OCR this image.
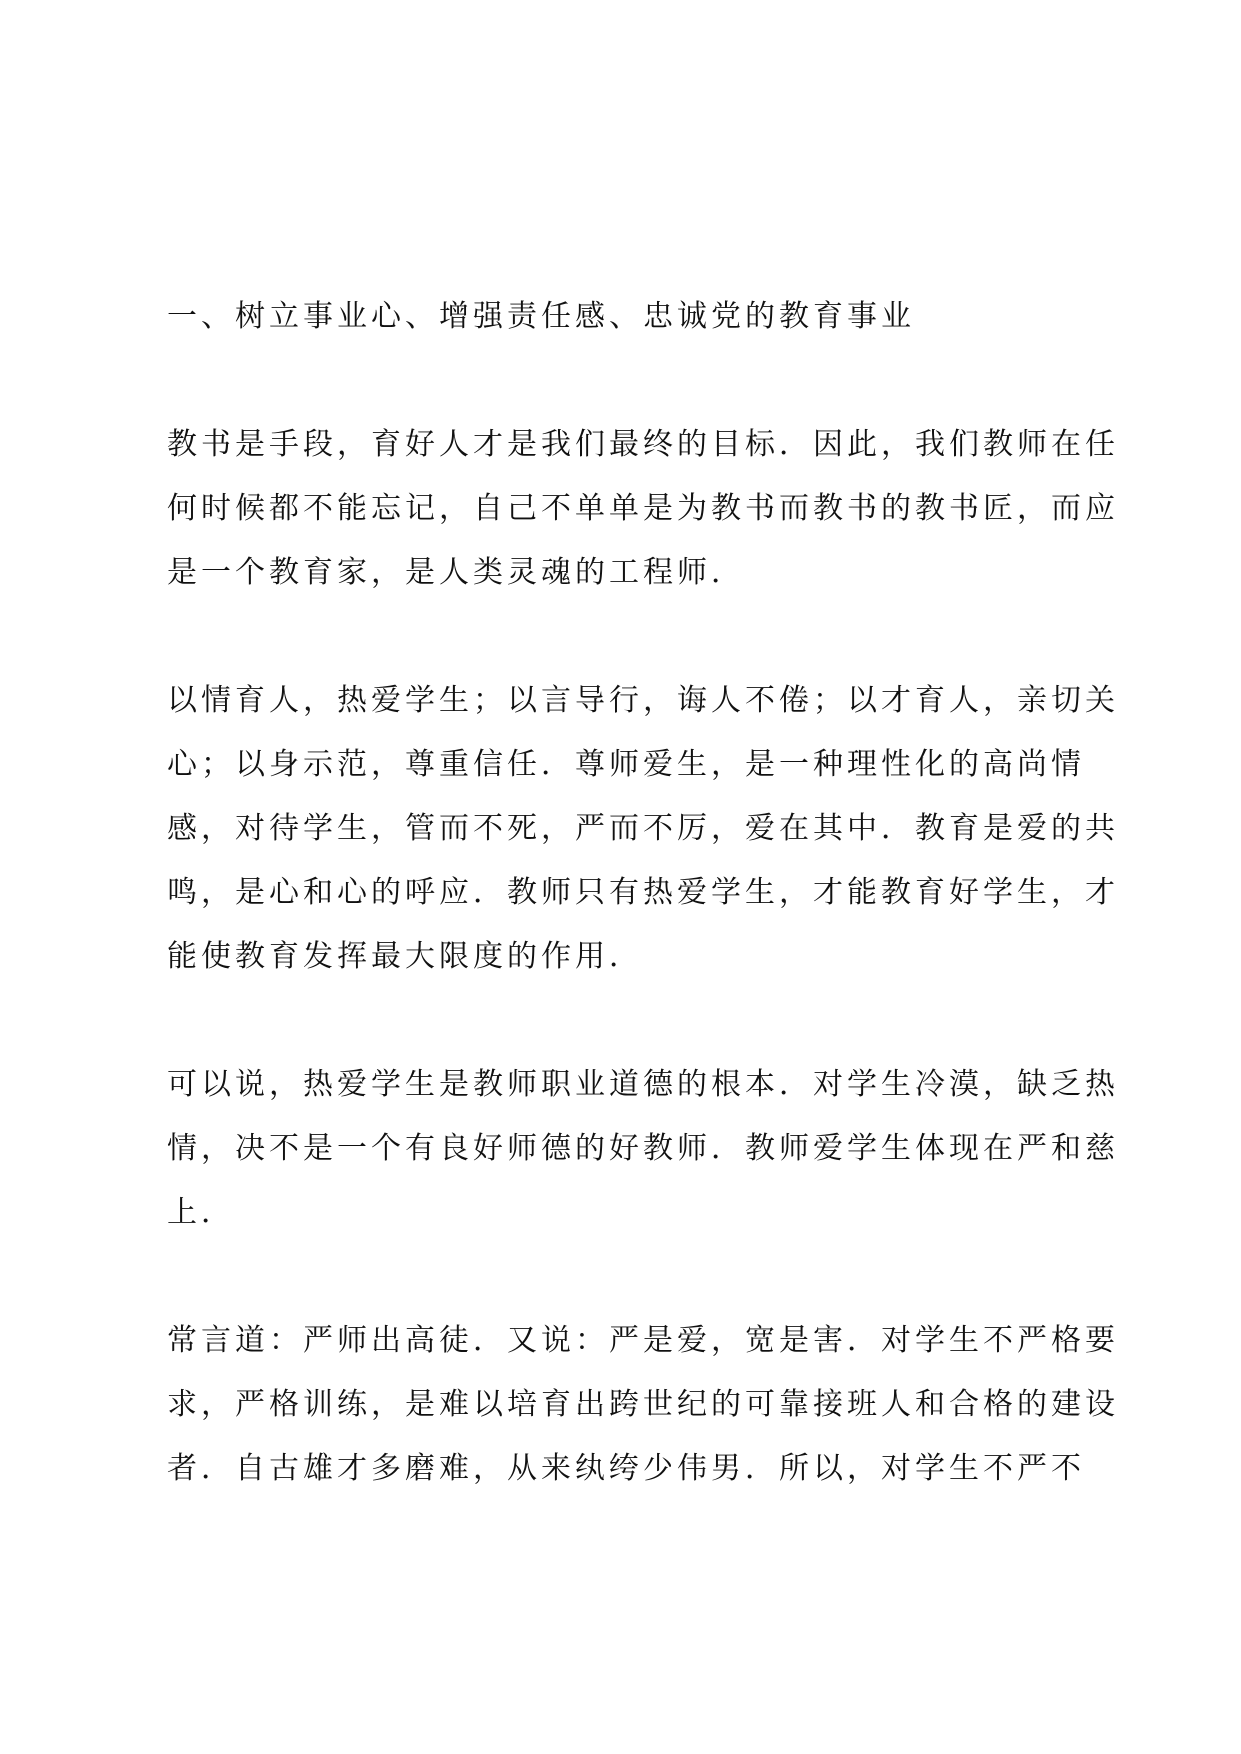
一、树立事业心、增强责任感、忠诚党的教育事业
教书是手段，育好人才是我们最终的目标．因此，我们教师在任
何时候都不能忘记，自己不单单是为教书而教书的教书匠，而应
是一个教育家，是人类灵魂的工程师．
以情育人，热爱学生；以言导行，诲人不倦；以才育人，亲切关
心；以身示范，尊重信任．尊师爱生，是一种理性化的高尚情
感，对待学生，管而不死，严而不厉，爱在其中．教育是爱的共
鸣，是心和心的呼应．教师只有热爱学生，才能教育好学生，才
能使教育发挥最大限度的作用．
可以说，热爱学生是教师职业道德的根本．对学生冷漠，缺乏热
情，决不是一个有良好师德的好教师．教师爱学生体现在严和慈
上．
常言道：严师出高徒．又说：严是爱，宽是害．对学生不严格要
求，严格训练，是难以培育出跨世纪的可靠接班人和合格的建设
者．自古雄才多磨难，从来纨绔少伟男．所以，对学生不严不
